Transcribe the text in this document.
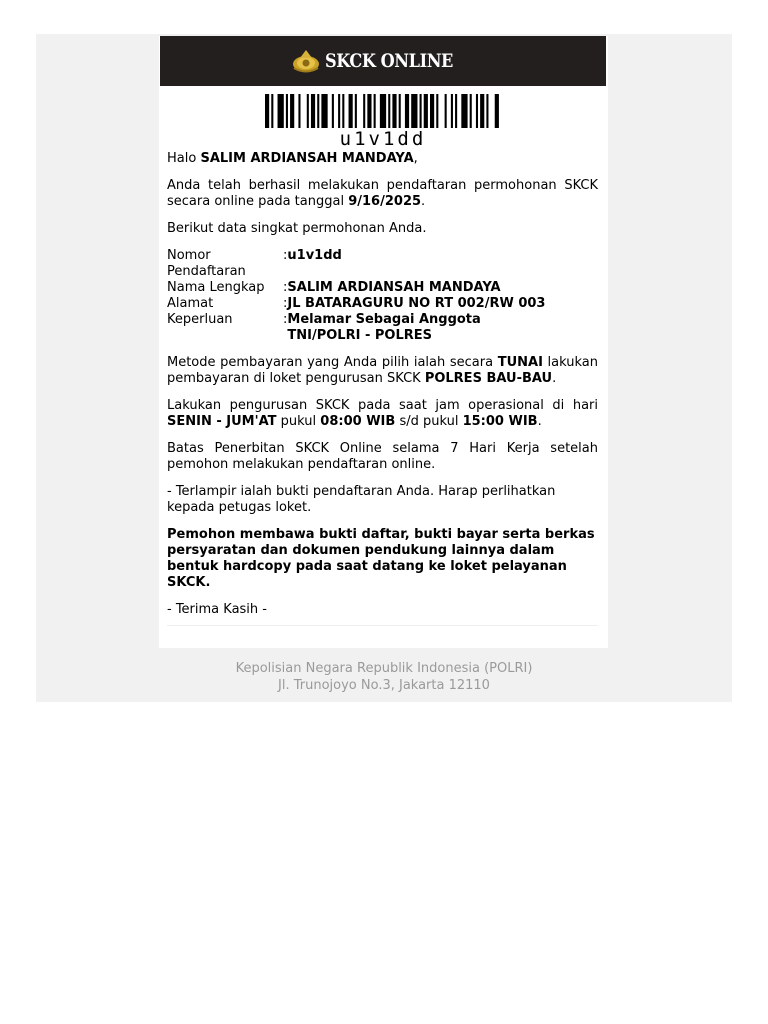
SKCK ONLINE
u1v1dd

Halo SALIM ARDIANSAH MANDAYA,

Anda telah berhasil melakukan pendaftaran permohonan SKCK secara online pada tanggal 9/16/2025.

Berikut data singkat permohonan Anda.

Nomor Pendaftaran	:	u1v1dd
Nama Lengkap	:	SALIM ARDIANSAH MANDAYA
Alamat	:	JL BATARAGURU NO RT 002/RW 003
Keperluan	:	Melamar Sebagai Anggota TNI/POLRI - POLRES

Metode pembayaran yang Anda pilih ialah secara TUNAI lakukan pembayaran di loket pengurusan SKCK POLRES BAU-BAU.

Lakukan pengurusan SKCK pada saat jam operasional di hari SENIN - JUM'AT pukul 08:00 WIB s/d pukul 15:00 WIB.

Batas Penerbitan SKCK Online selama 7 Hari Kerja setelah pemohon melakukan pendaftaran online.

- Terlampir ialah bukti pendaftaran Anda. Harap perlihatkan kepada petugas loket.

Pemohon membawa bukti daftar, bukti bayar serta berkas persyaratan dan dokumen pendukung lainnya dalam bentuk hardcopy pada saat datang ke loket pelayanan SKCK.

- Terima Kasih -

Kepolisian Negara Republik Indonesia (POLRI)
Jl. Trunojoyo No.3, Jakarta 12110
